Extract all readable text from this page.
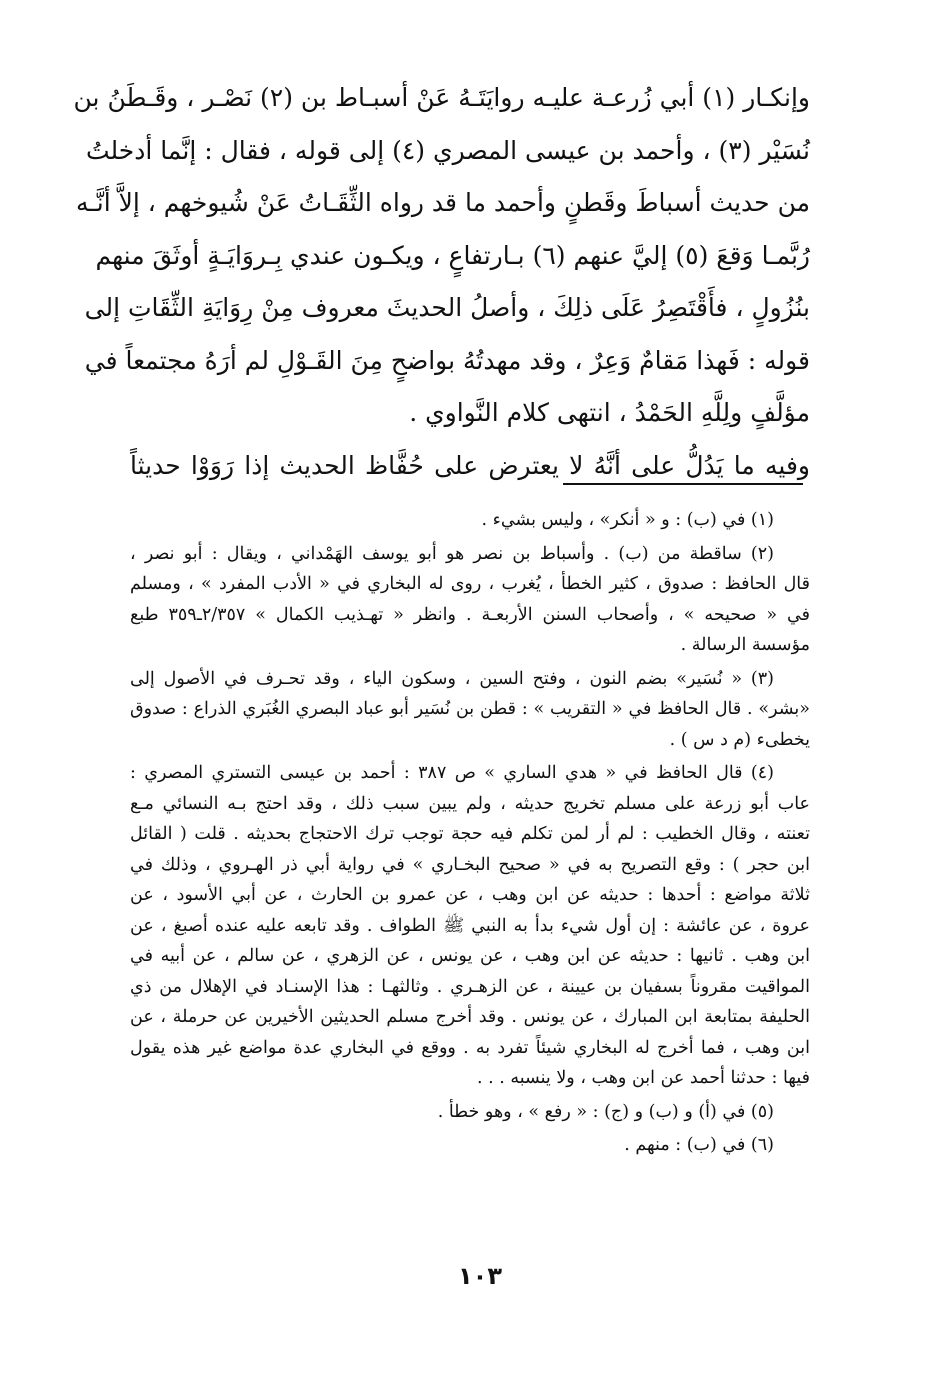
وإنكـار (١) أبي زُرعـة عليـه روايَتَـهُ عَنْ أسبـاط بن (٢) نَصْـر ، وقَـطَنُ بن
نُسَيْر (٣) ، وأحمد بن عيسى المصري (٤) إلى قوله ، فقال : إنَّما أدخلتُ
من حديث أسباطَ وقَطنٍ وأحمد ما قد رواه الثِّقَـاتُ عَنْ شُيوخهم ، إلاَّ أنَّـه
رُبَّمـا وَقعَ (٥) إليَّ عنهم (٦) بـارتفاعٍ ، ويكـون عندي بِـروَايَـةٍ أوثَقَ منهم
بنُزُولٍ ، فأَقْتَصِرُ عَلَى ذلِكَ ، وأصلُ الحديثَ معروف مِنْ رِوَايَةِ الثِّقَاتِ إلى
قوله : فَهذا مَقامٌ وَعِرٌ ، وقد مهدتُهُ بواضحٍ مِنَ القَـوْلِ لم أرَهُ مجتمعاً في
مؤلَّفٍ ولِلَّهِ الحَمْدُ ، انتهى كلام النَّواوي .
وفيه ما يَدُلُّ على أنَّهُ لا يعترض على حُفَّاظ الحديث إذا رَوَوْا حديثاً
(١) في (ب) : و « أنكر» ، وليس بشيء .
(٢) ساقطة من (ب) . وأسباط بن نصر هو أبو يوسف الهَمْداني ، ويقال : أبو نصر ،
قال الحافظ : صدوق ، كثير الخطأ ، يُغرب ، روى له البخاري في « الأدب المفرد » ، ومسلم
في « صحيحه » ، وأصحاب السنن الأربعـة . وانظر « تهـذيب الكمال » ٢/٣٥٧ـ٣٥٩ طبع
مؤسسة الرسالة .
(٣) « نُسَير» بضم النون ، وفتح السين ، وسكون الياء ، وقد تحـرف في الأصول إلى
«بشر» . قال الحافظ في « التقريب » : قطن بن نُسَير أبو عباد البصري الغُبَري الذراع : صدوق
يخطىء (م د س ) .
(٤) قال الحافظ في « هدي الساري » ص ٣٨٧ : أحمد بن عيسى التستري المصري :
عاب أبو زرعة على مسلم تخريج حديثه ، ولم يبين سبب ذلك ، وقد احتج بـه النسائي مـع
تعنته ، وقال الخطيب : لم أر لمن تكلم فيه حجة توجب ترك الاحتجاج بحديثه . قلت ( القائل
ابن حجر ) : وقع التصريح به في « صحيح البخـاري » في رواية أبي ذر الهـروي ، وذلك في
ثلاثة مواضع : أحدها : حديثه عن ابن وهب ، عن عمرو بن الحارث ، عن أبي الأسود ، عن
عروة ، عن عائشة : إن أول شيء بدأ به النبي ﷺ الطواف . وقد تابعه عليه عنده أصبغ ، عن
ابن وهب . ثانيها : حديثه عن ابن وهب ، عن يونس ، عن الزهري ، عن سالم ، عن أبيه في
المواقيت مقروناً بسفيان بن عيينة ، عن الزهـري . وثالثهـا : هذا الإسنـاد في الإهلال من ذي
الحليفة بمتابعة ابن المبارك ، عن يونس . وقد أخرج مسلم الحديثين الأخيرين عن حرملة ، عن
ابن وهب ، فما أخرج له البخاري شيئاً تفرد به . ووقع في البخاري عدة مواضع غير هذه يقول
فيها : حدثنا أحمد عن ابن وهب ، ولا ينسبه . . .
(٥) في (أ) و (ب) و (ج) : « رفع » ، وهو خطأ .
(٦) في (ب) : منهم .
١٠٣
